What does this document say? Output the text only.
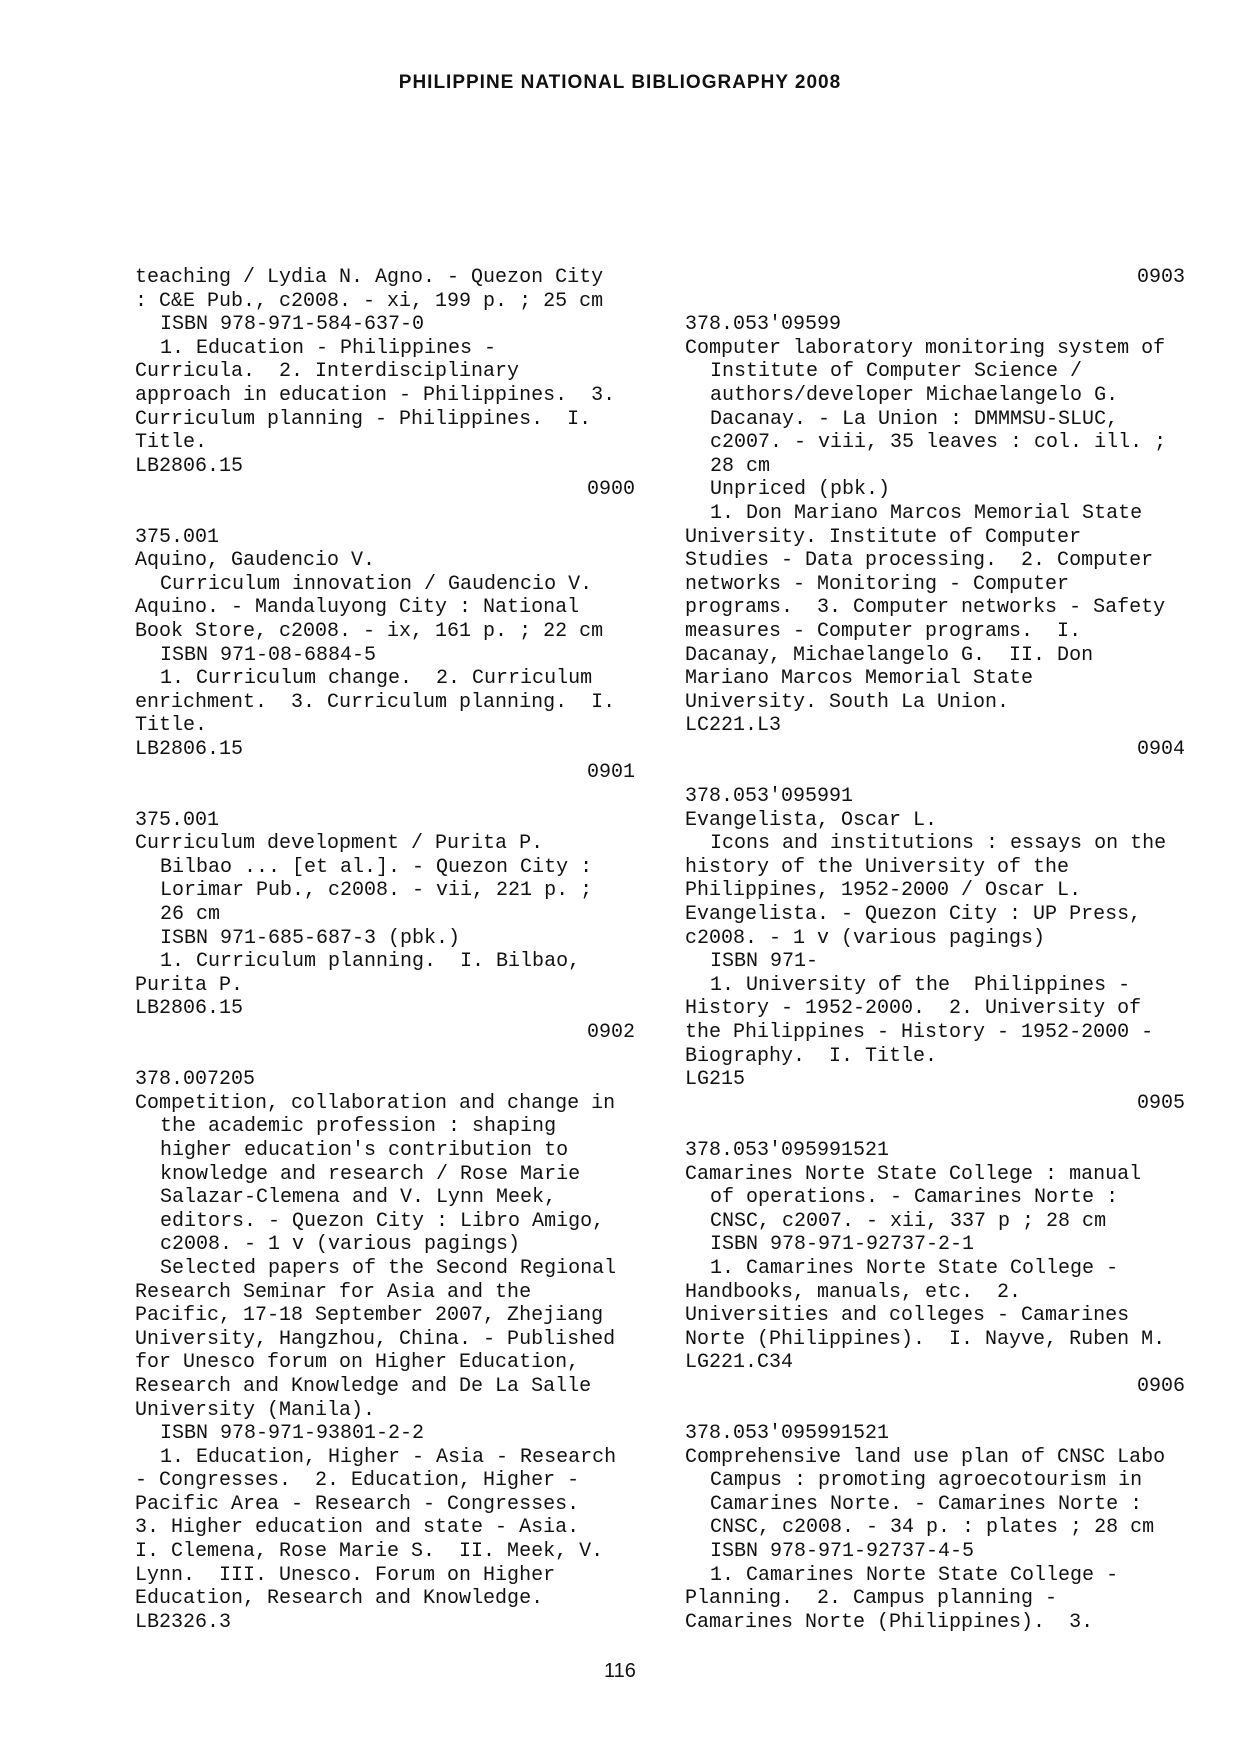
PHILIPPINE NATIONAL BIBLIOGRAPHY 2008
teaching / Lydia N. Agno. - Quezon City
: C&E Pub., c2008. - xi, 199 p. ; 25 cm
ISBN 978-971-584-637-0
1. Education - Philippines -
Curricula.  2. Interdisciplinary
approach in education - Philippines.  3.
Curriculum planning - Philippines.  I.
Title.
LB2806.15
0900
375.001
Aquino, Gaudencio V.
Curriculum innovation / Gaudencio V.
Aquino. - Mandaluyong City : National
Book Store, c2008. - ix, 161 p. ; 22 cm
ISBN 971-08-6884-5
1. Curriculum change.  2. Curriculum
enrichment.  3. Curriculum planning.  I.
Title.
LB2806.15
0901
375.001
Curriculum development / Purita P.
Bilbao ... [et al.]. - Quezon City :
Lorimar Pub., c2008. - vii, 221 p. ;
26 cm
ISBN 971-685-687-3 (pbk.)
1. Curriculum planning.  I. Bilbao,
Purita P.
LB2806.15
0902
378.007205
Competition, collaboration and change in
the academic profession : shaping
higher education's contribution to
knowledge and research / Rose Marie
Salazar-Clemena and V. Lynn Meek,
editors. - Quezon City : Libro Amigo,
c2008. - 1 v (various pagings)
Selected papers of the Second Regional
Research Seminar for Asia and the
Pacific, 17-18 September 2007, Zhejiang
University, Hangzhou, China. - Published
for Unesco forum on Higher Education,
Research and Knowledge and De La Salle
University (Manila).
ISBN 978-971-93801-2-2
1. Education, Higher - Asia - Research
- Congresses.  2. Education, Higher -
Pacific Area - Research - Congresses.
3. Higher education and state - Asia.
I. Clemena, Rose Marie S.  II. Meek, V.
Lynn.  III. Unesco. Forum on Higher
Education, Research and Knowledge.
LB2326.3
0903
378.053'09599
Computer laboratory monitoring system of
Institute of Computer Science /
authors/developer Michaelangelo G.
Dacanay. - La Union : DMMMSU-SLUC,
c2007. - viii, 35 leaves : col. ill. ;
28 cm
Unpriced (pbk.)
1. Don Mariano Marcos Memorial State
University. Institute of Computer
Studies - Data processing.  2. Computer
networks - Monitoring - Computer
programs.  3. Computer networks - Safety
measures - Computer programs.  I.
Dacanay, Michaelangelo G.  II. Don
Mariano Marcos Memorial State
University. South La Union.
LC221.L3
0904
378.053'095991
Evangelista, Oscar L.
Icons and institutions : essays on the
history of the University of the
Philippines, 1952-2000 / Oscar L.
Evangelista. - Quezon City : UP Press,
c2008. - 1 v (various pagings)
ISBN 971-
1. University of the  Philippines -
History - 1952-2000.  2. University of
the Philippines - History - 1952-2000 -
Biography.  I. Title.
LG215
0905
378.053'095991521
Camarines Norte State College : manual
of operations. - Camarines Norte :
CNSC, c2007. - xii, 337 p ; 28 cm
ISBN 978-971-92737-2-1
1. Camarines Norte State College -
Handbooks, manuals, etc.  2.
Universities and colleges - Camarines
Norte (Philippines).  I. Nayve, Ruben M.
LG221.C34
0906
378.053'095991521
Comprehensive land use plan of CNSC Labo
Campus : promoting agroecotourism in
Camarines Norte. - Camarines Norte :
CNSC, c2008. - 34 p. : plates ; 28 cm
ISBN 978-971-92737-4-5
1. Camarines Norte State College -
Planning.  2. Campus planning -
Camarines Norte (Philippines).  3.
116
